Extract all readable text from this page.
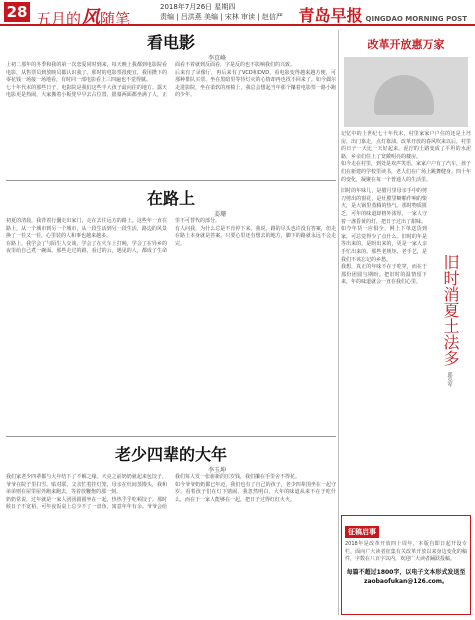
28 五月的风随笔
2018年7月26日 星期四
责编 | 吕洪燕 美编 | 宋林 审读 | 赵信严 青岛早报 QINGDAO MORNING POST
看电影
李京峰

上初二那年的冬季和我的第一次恋爱同时到来，每天晚上我都到电影院看电影，从售票员到放映员都认识我了。那时的电影票很便宜，我用攒下的零花钱一场接一场地看，有时同一部电影看上三四遍也不觉得腻。

七十年代末的那些日子，电影院是我们这些半大孩子最向往的地方。露天电影更是热闹，大家搬着小板凳早早去占位置，银幕两面都坐满了人，正面看不着就到反面看，字是反的也不影响我们的兴致。

后来有了录像厅，再后来有了VCD和DVD，看电影变得越来越方便，可那种排队买票、坐在黑暗里等待灯灭的心情却再也找不回来了。如今偶尔走进影院，坐在柔软的座椅上，我总会想起当年那个攥着电影票一路小跑的少年。

在路上
姜珊

初夏的清晨，我背着行囊走出家门，走在去往远方的路上。这些年一直在路上，从一个城市到另一个城市，从一段生活到另一段生活，路边的风景换了一茬又一茬，心里装的人和事也越来越多。

在路上，我学会了与陌生人交谈，学会了在火车上打盹，学会了在异乡的夜里给自己煮一碗面。那些走过的路，看过的云，遇见的人，都成了生命里不可替代的部分。

有人问我，为什么总是不肯停下来。我说，路的尽头也许没有答案，但走在路上本身就是答案。只要心里还有想去的地方，脚下的路就永远不会走完。

老少四辈的大年
李玉坤

我们家老少四辈都与大年结下了不解之缘。天亮之前奶奶就起来包饺子，爷爷在院子里扫雪、贴对联，父亲忙着挂灯笼，母亲在灶间蒸馒头，我和弟弟则在屋里屋外跑来跑去，等着放鞭炮的那一刻。

奶奶常说，过年就是一家人团团圆圆坐在一起，热热乎乎吃顿饺子。那时候日子不宽裕，可年夜饭桌上总少不了一盘鱼，寓意年年有余。爷爷会给我们每人发一张崭新的压岁钱，我们攥在手里舍不得花。

如今爷爷奶奶都已年迈，我们也有了自己的孩子，老少四辈围坐在一起守岁。看着孩子们在灯下嬉闹，我忽然明白，大年的味道从来不在于吃什么，而在于一家人能够在一起，把日子过得红红火火。

改革开放惠万家

记忆中的上世纪七十年代末，村里家家户户住的还是土坯房，出门靠走，点灯靠油。改革开放的春风吹来以后，村里的日子一天比一天好起来，泥泞的土路变成了平坦的水泥路，乡亲们住上了宽敞明亮的楼房。

如今走在村里，到处是欢声笑语，家家户户有了汽车，孩子们在新建的学校里读书，老人们在广场上跳舞健身。四十年的变化，凝聚在每一个普通人的生活里。

旧时的年味儿，是腊月里母亲手中的剪刀剪出的窗花，是灶膛里噼啪作响的柴火，是大锅里蒸腾的热气。那时物质匮乏，可年的味道却格外浓厚，一家人守着一盏昏黄的灯，把日子过出了甜味。

如今年货一应俱全，网上下单送货到家，可总觉得少了点什么。旧时的年是等出来的，是盼出来的，更是一家人亲手忙出来的。那些老规矩、老手艺，是我们不该忘记的乡愁。

我想，真正的年味不在于吃穿，而在于那份团圆与期盼。把旧时的温情留下来，年的味道就会一直在我们心里。	旧时消夏土法多
邱克军
征稿启事
2018年是改革开放四十周年，本版自即日起开设专栏，面向广大读者征集有关改革开放以来身边变化的稿件，字数在八百字以内，欢迎广大读者踊跃投稿。
每篇不超过1800字，以电子文本形式发送至zaobaofukan@126.com。
